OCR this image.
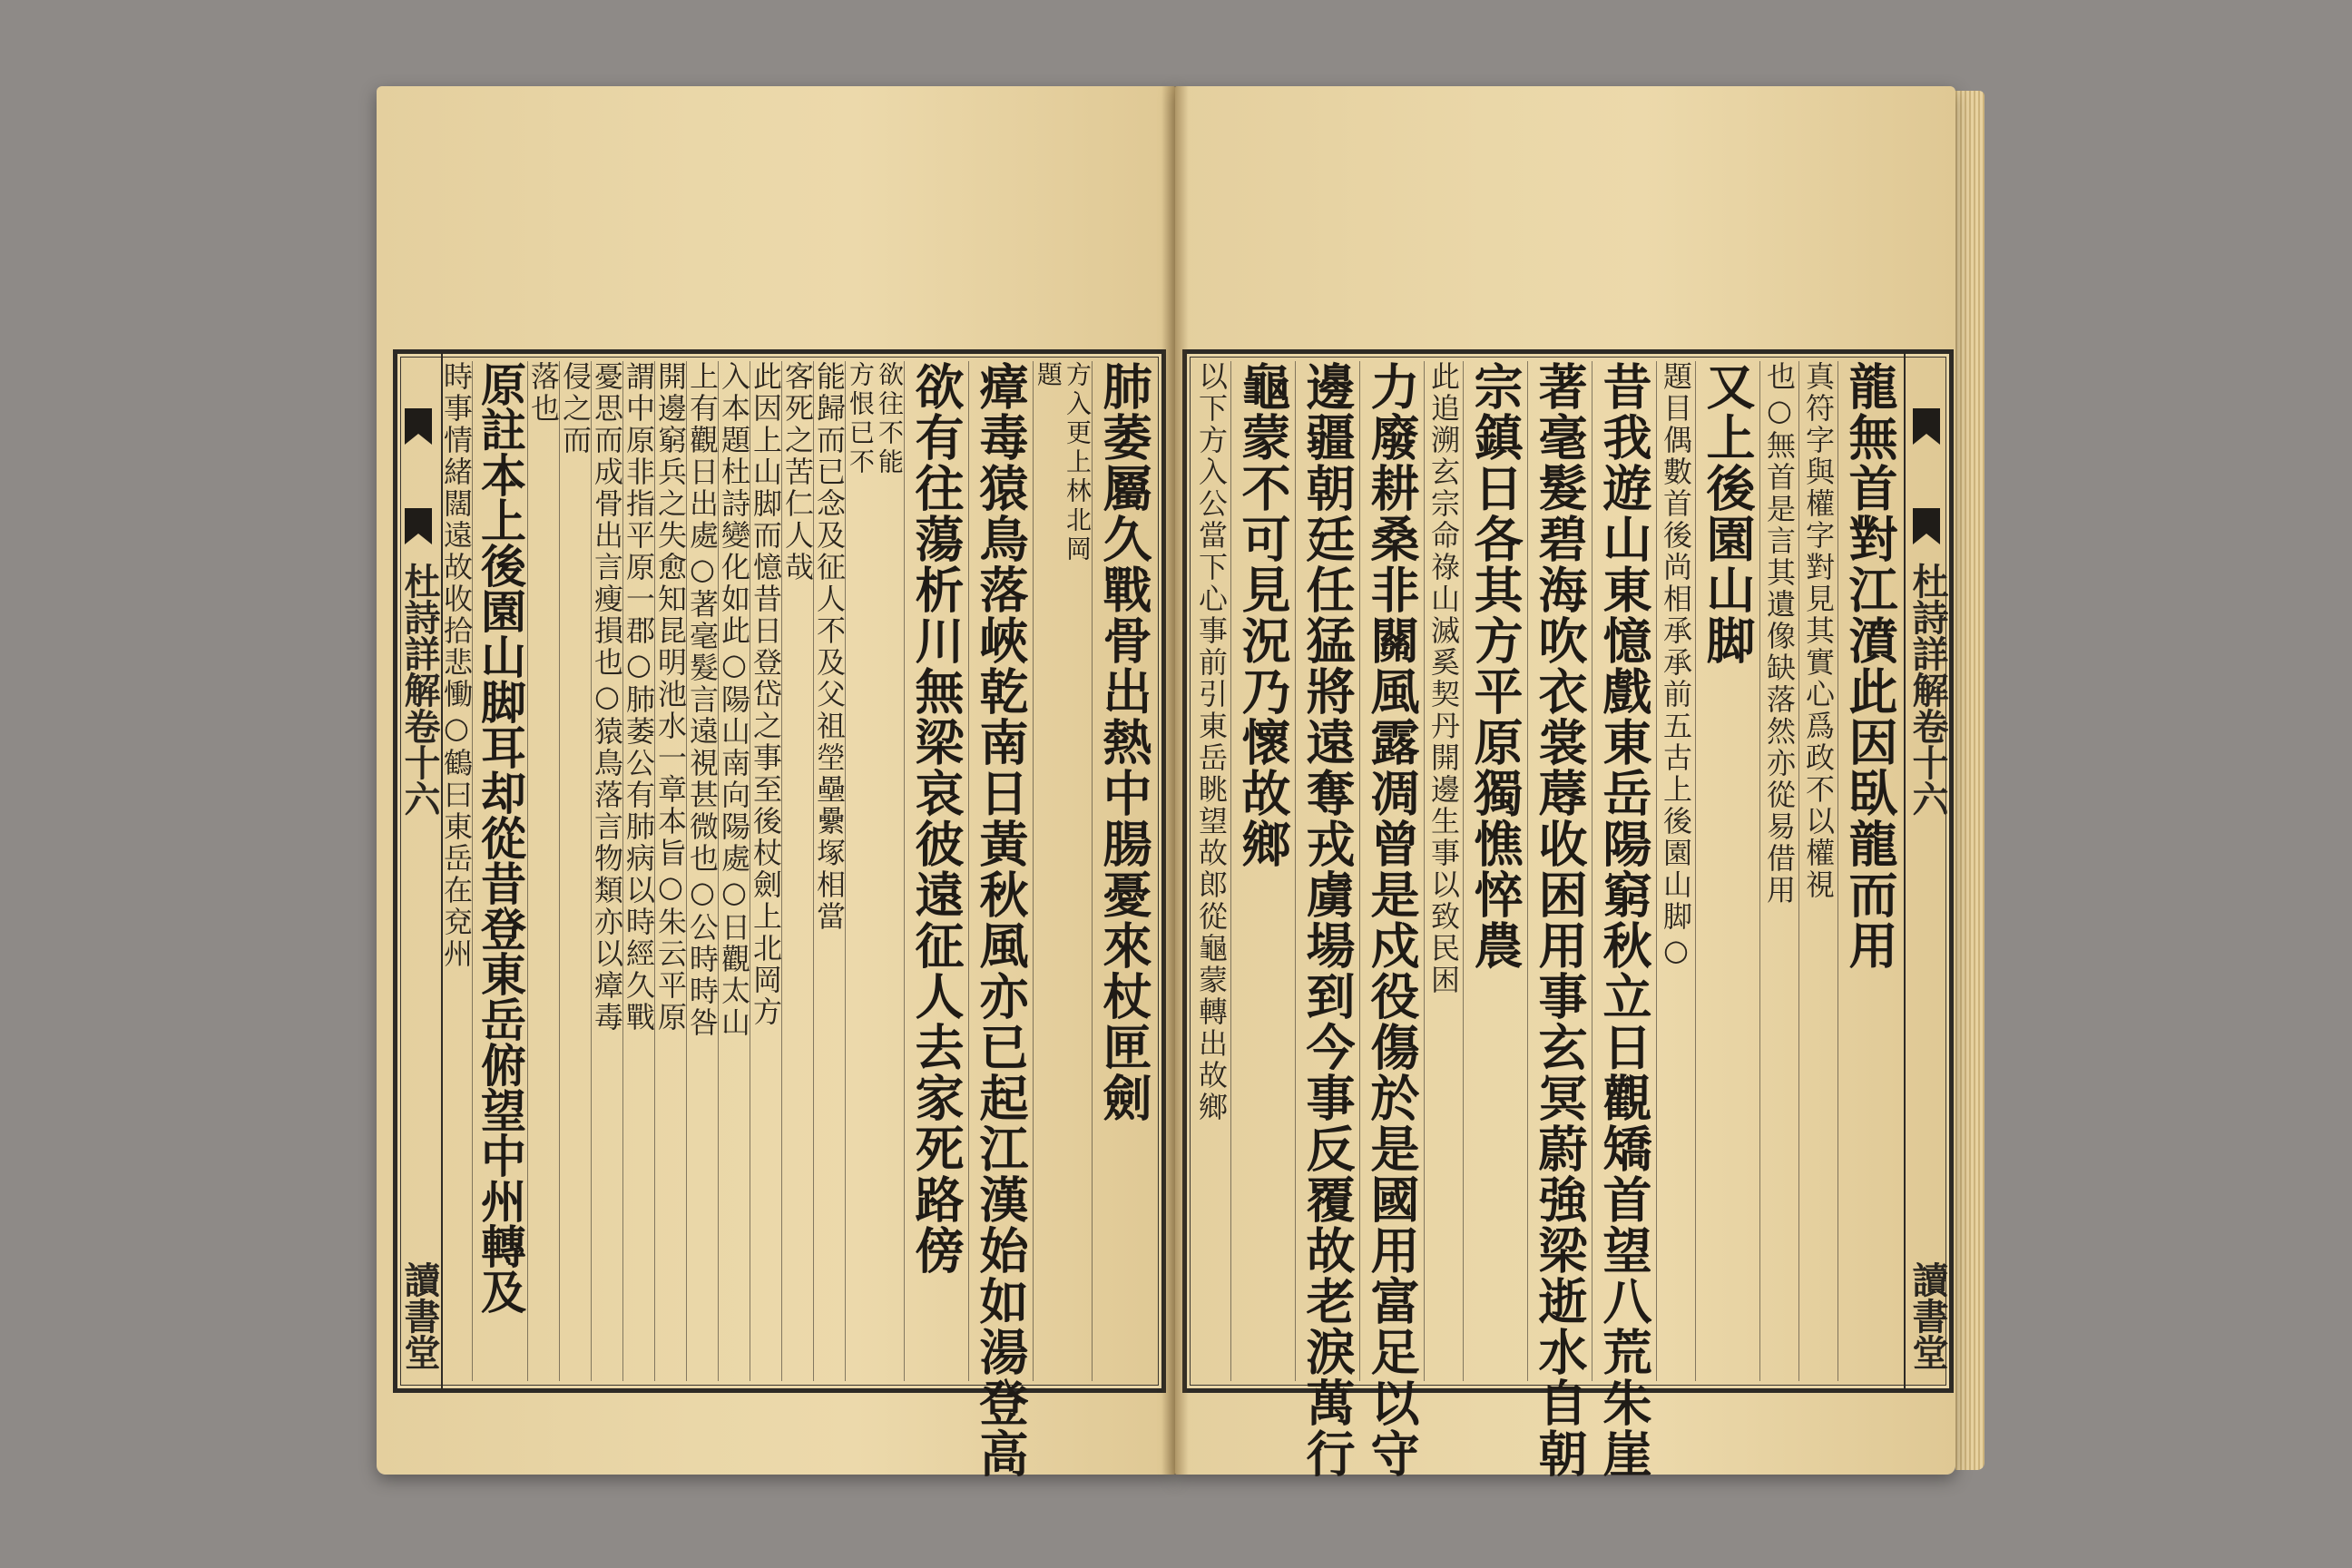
杜詩詳解卷十六
讀書堂
肺萎屬久戰骨出熱中腸憂來杖匣劍
方入更上林北岡
題
瘴毒猿鳥落峽乾南日黃秋風亦已起江漢始如湯登高
欲有往蕩析川無梁哀彼遠征人去家死路傍
欲往不能
方恨已不
能歸而已念及征人不及父祖塋壘纍塚相當
客死之苦仁人哉
此因上山脚而憶昔日登岱之事至後杖劍上北岡方
入本題杜詩變化如此○陽山南向陽處○日觀太山
上有觀日出處○著毫髮言遠視甚微也○公時時咎
開邊窮兵之失愈知昆明池水一章本旨○朱云平原
謂中原非指平原一郡○肺萎公有肺病以時經久戰
憂思而成骨出言瘦損也○猿鳥落言物類亦以瘴毒
侵之而
落也
原註本上後園山脚耳却從昔登東岳俯望中州轉及
時事情緒闊遠故收拾悲慟○鶴曰東岳在兗州	杜詩詳解卷十六
讀書堂
龍無首對江濆此因臥龍而用
真符字與權字對見其實心爲政不以權視
也○無首是言其遺像缺落然亦從易借用
又上後園山脚
題目偶數首後尚相承承前五古上後園山脚○
昔我遊山東憶戲東岳陽窮秋立日觀矯首望八荒朱崖
著毫髮碧海吹衣裳蓐收困用事玄冥蔚強梁逝水自朝
宗鎮日各其方平原獨憔悴農
此追溯玄宗命祿山滅奚契丹開邊生事以致民困
力廢耕桑非關風露凋曾是戍役傷於是國用富足以守
邊疆朝廷任猛將遠奪戎虜場到今事反覆故老淚萬行
龜蒙不可見況乃懷故鄉
以下方入公當下心事前引東岳眺望故郎從龜蒙轉出故鄉
